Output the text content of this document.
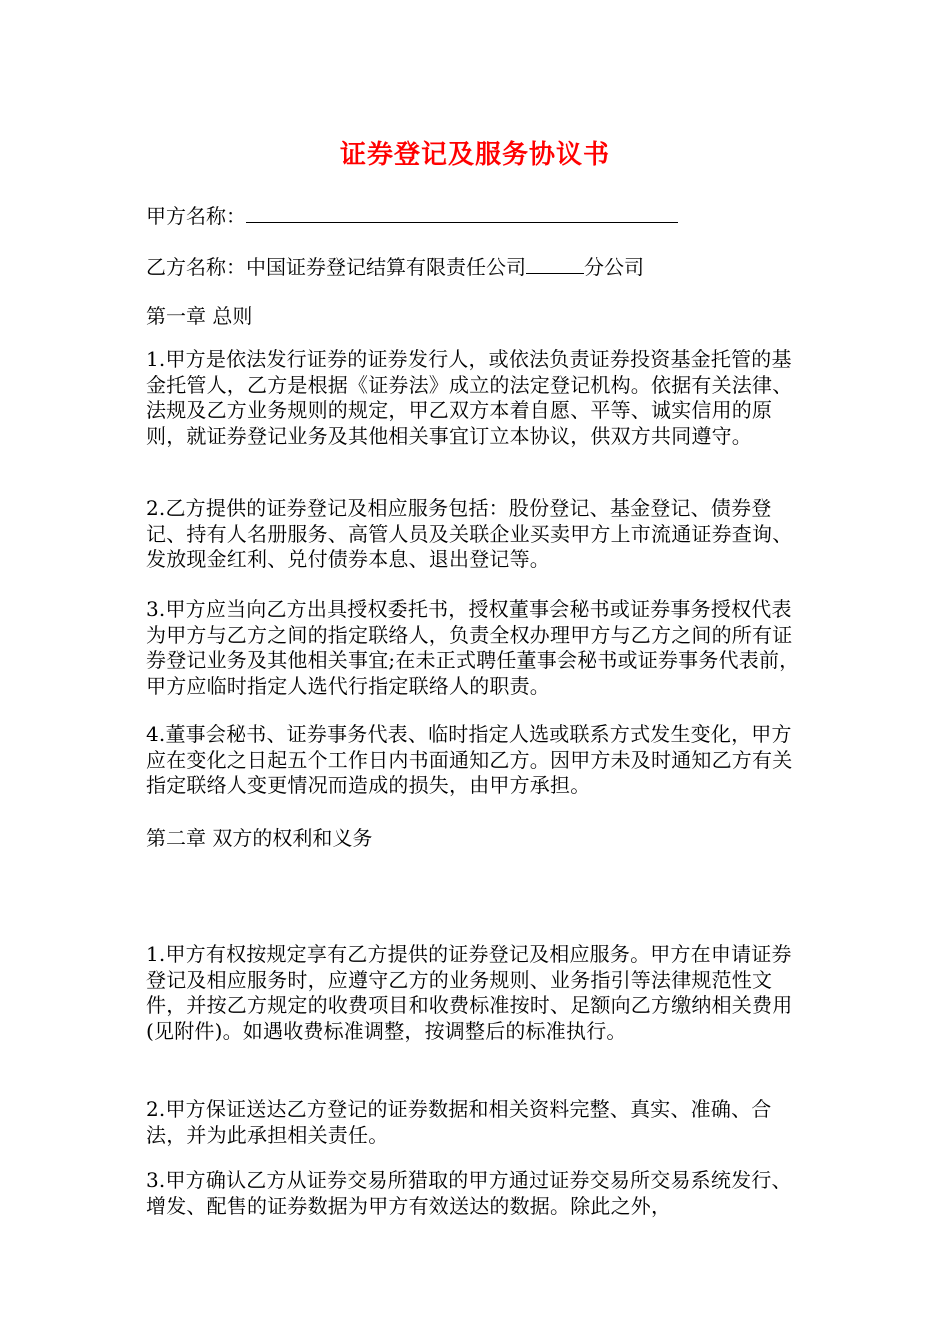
证券登记及服务协议书
甲方名称：
乙方名称：中国证券登记结算有限责任公司	分公司
第一章 总则
1.甲方是依法发行证券的证券发行人，或依法负责证券投资基金托管的基金托管人，乙方是根据《证券法》成立的法定登记机构。依据有关法律、法规及乙方业务规则的规定，甲乙双方本着自愿、平等、诚实信用的原则，就证券登记业务及其他相关事宜订立本协议，供双方共同遵守。
2.乙方提供的证券登记及相应服务包括：股份登记、基金登记、债券登记、持有人名册服务、高管人员及关联企业买卖甲方上市流通证券查询、发放现金红利、兑付债券本息、退出登记等。
3.甲方应当向乙方出具授权委托书，授权董事会秘书或证券事务授权代表为甲方与乙方之间的指定联络人，负责全权办理甲方与乙方之间的所有证券登记业务及其他相关事宜;在未正式聘任董事会秘书或证券事务代表前，甲方应临时指定人选代行指定联络人的职责。
4.董事会秘书、证券事务代表、临时指定人选或联系方式发生变化，甲方应在变化之日起五个工作日内书面通知乙方。因甲方未及时通知乙方有关指定联络人变更情况而造成的损失，由甲方承担。
第二章 双方的权利和义务
1.甲方有权按规定享有乙方提供的证券登记及相应服务。甲方在申请证券登记及相应服务时，应遵守乙方的业务规则、业务指引等法律规范性文件，并按乙方规定的收费项目和收费标准按时、足额向乙方缴纳相关费用(见附件)。如遇收费标准调整，按调整后的标准执行。
2.甲方保证送达乙方登记的证券数据和相关资料完整、真实、准确、合法，并为此承担相关责任。
3.甲方确认乙方从证券交易所猎取的甲方通过证券交易所交易系统发行、增发、配售的证券数据为甲方有效送达的数据。除此之外，
